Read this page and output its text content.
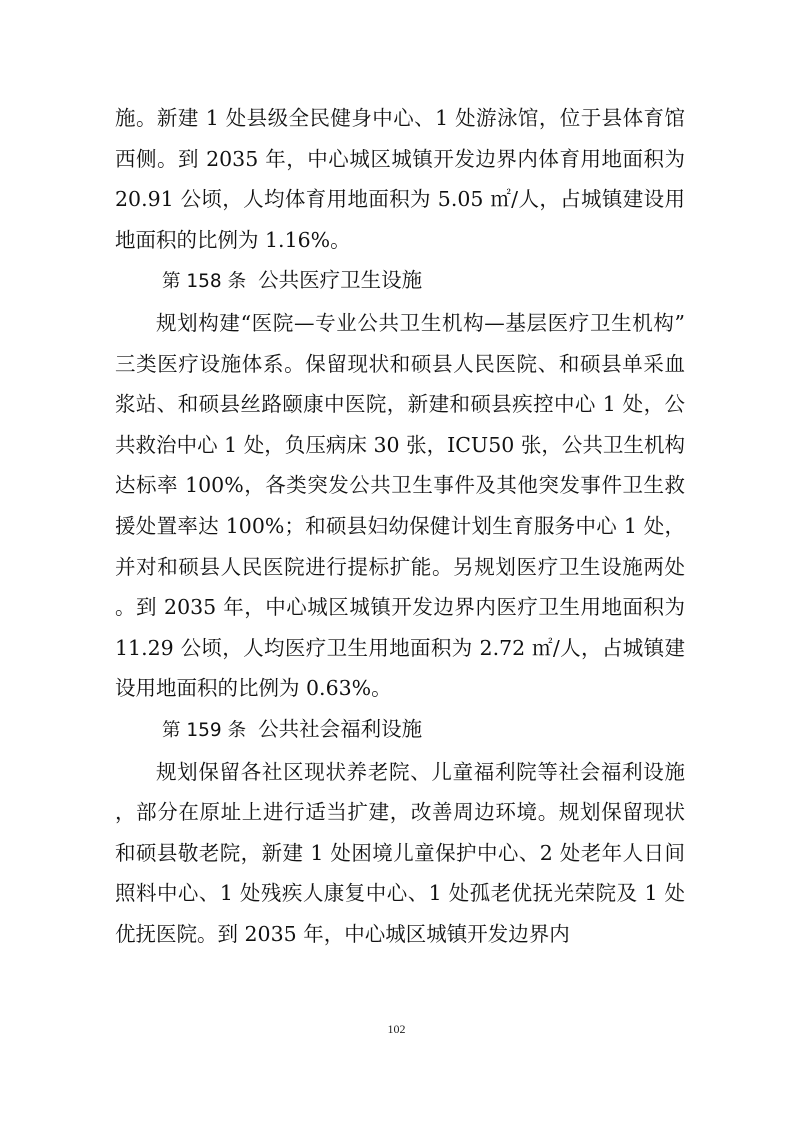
施。新建 1 处县级全民健身中心、1 处游泳馆，位于县体育馆西侧。到 2035 年，中心城区城镇开发边界内体育用地面积为 20.91 公顷，人均体育用地面积为 5.05 ㎡/人，占城镇建设用地面积的比例为 1.16%。

第 158 条 公共医疗卫生设施

规划构建“医院—专业公共卫生机构—基层医疗卫生机构”三类医疗设施体系。保留现状和硕县人民医院、和硕县单采血浆站、和硕县丝路颐康中医院，新建和硕县疾控中心 1 处，公共救治中心 1 处，负压病床 30 张，ICU50 张，公共卫生机构达标率 100%，各类突发公共卫生事件及其他突发事件卫生救援处置率达 100%；和硕县妇幼保健计划生育服务中心 1 处，并对和硕县人民医院进行提标扩能。另规划医疗卫生设施两处。到 2035 年，中心城区城镇开发边界内医疗卫生用地面积为 11.29 公顷，人均医疗卫生用地面积为 2.72 ㎡/人，占城镇建设用地面积的比例为 0.63%。

第 159 条 公共社会福利设施

规划保留各社区现状养老院、儿童福利院等社会福利设施，部分在原址上进行适当扩建，改善周边环境。规划保留现状和硕县敬老院，新建 1 处困境儿童保护中心、2 处老年人日间照料中心、1 处残疾人康复中心、1 处孤老优抚光荣院及 1 处优抚医院。到 2035 年，中心城区城镇开发边界内

102
